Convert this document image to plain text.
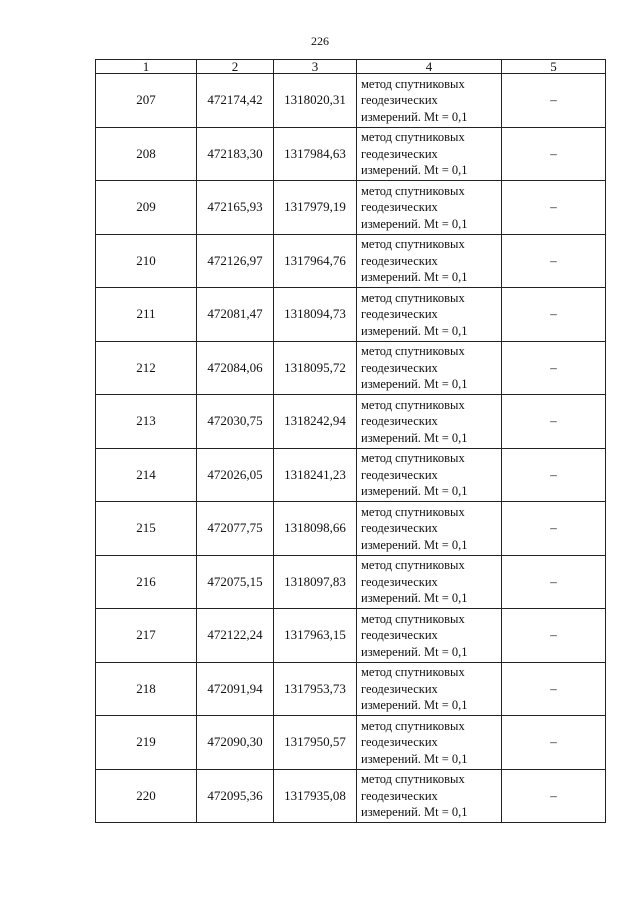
226
1	2	3	4	5
207	472174,42	1318020,31	метод спутниковых
геодезических
измерений. Mt = 0,1	–
208	472183,30	1317984,63	метод спутниковых
геодезических
измерений. Mt = 0,1	–
209	472165,93	1317979,19	метод спутниковых
геодезических
измерений. Mt = 0,1	–
210	472126,97	1317964,76	метод спутниковых
геодезических
измерений. Mt = 0,1	–
211	472081,47	1318094,73	метод спутниковых
геодезических
измерений. Mt = 0,1	–
212	472084,06	1318095,72	метод спутниковых
геодезических
измерений. Mt = 0,1	–
213	472030,75	1318242,94	метод спутниковых
геодезических
измерений. Mt = 0,1	–
214	472026,05	1318241,23	метод спутниковых
геодезических
измерений. Mt = 0,1	–
215	472077,75	1318098,66	метод спутниковых
геодезических
измерений. Mt = 0,1	–
216	472075,15	1318097,83	метод спутниковых
геодезических
измерений. Mt = 0,1	–
217	472122,24	1317963,15	метод спутниковых
геодезических
измерений. Mt = 0,1	–
218	472091,94	1317953,73	метод спутниковых
геодезических
измерений. Mt = 0,1	–
219	472090,30	1317950,57	метод спутниковых
геодезических
измерений. Mt = 0,1	–
220	472095,36	1317935,08	метод спутниковых
геодезических
измерений. Mt = 0,1	–
